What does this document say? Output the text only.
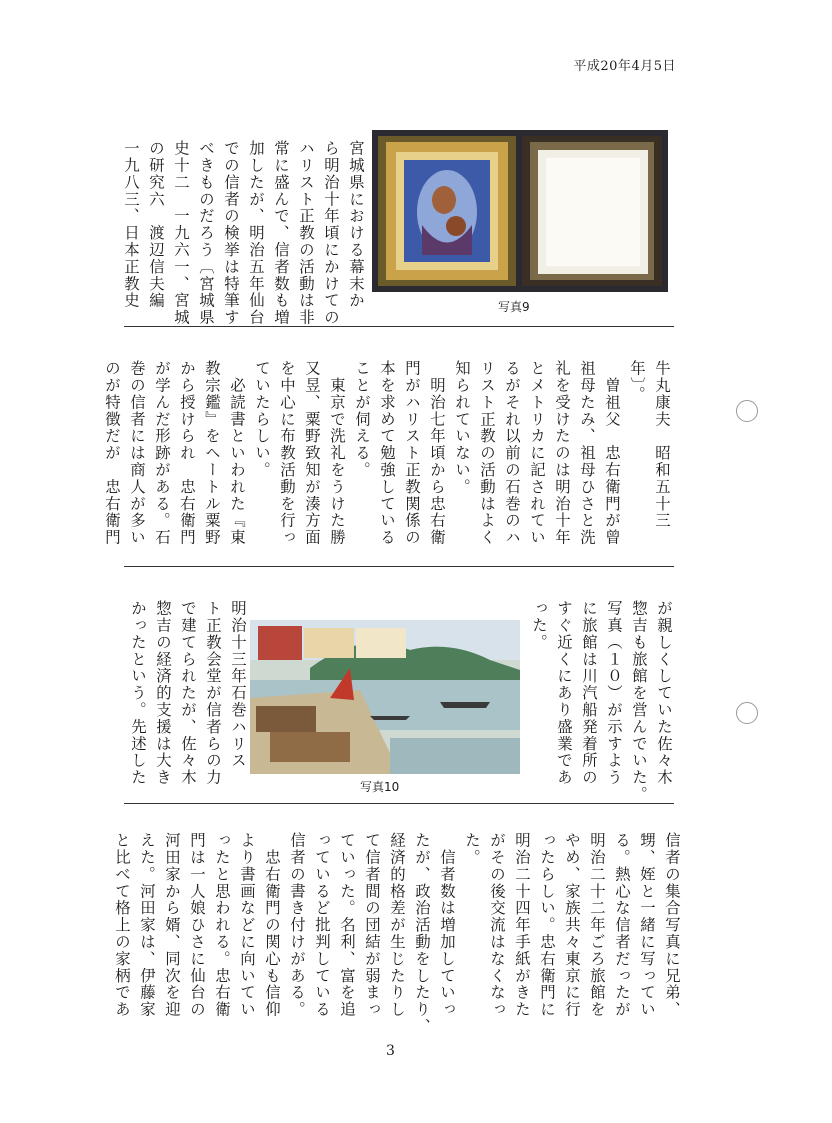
平成20年4月5日
宮城県における幕末か
ら明治十年頃にかけての
ハリスト正教の活動は非
常に盛んで、信者数も増
加したが、明治五年仙台
での信者の検挙は特筆す
べきものだろう〔宮城県
史十二　一九六一、宮城
の研究六　渡辺信夫編
一九八三、日本正教史	写真9
牛丸康夫　昭和五十三
年〕。
　曽祖父　忠右衛門が曾
祖母たみ、祖母ひさと洗
礼を受けたのは明治十年
とメトリカに記されてい
るがそれ以前の石巻のハ
リスト正教の活動はよく
知られていない。
　明治七年頃から忠右衛
門がハリスト正教関係の
本を求めて勉強している
ことが伺える。
　東京で洗礼をうけた勝
又昱、粟野致知が湊方面
を中心に布教活動を行っ
ていたらしい。
　必読書といわれた『東
教宗鑑』をヘートル粟野
から授けられ　忠右衛門
が学んだ形跡がある。石
巻の信者には商人が多い
のが特徴だが　忠右衛門
が親しくしていた佐々木
惣吉も旅館を営んでいた。
写真（１０）が示すよう
に旅館は川汽船発着所の
すぐ近くにあり盛業であ
った。
写真10
明治十三年石巻ハリス
ト正教会堂が信者らの力
で建てられたが、佐々木
惣吉の経済的支援は大き
かったという。先述した
信者の集合写真に兄弟、
甥、姪と一緒に写ってい
る。熱心な信者だったが
明治二十二年ごろ旅館を
やめ、家族共々東京に行
ったらしい。忠右衛門に
明治二十四年手紙がきた
がその後交流はなくなっ
た。
　信者数は増加していっ
たが、政治活動をしたり、
経済的格差が生じたりし
て信者間の団結が弱まっ
ていった。名利、富を追
っているど批判している
信者の書き付けがある。
　忠右衛門の関心も信仰
より書画などに向いてい
ったと思われる。忠右衛
門は一人娘ひさに仙台の
河田家から婿、同次を迎
えた。河田家は、伊藤家
と比べて格上の家柄であ
3
